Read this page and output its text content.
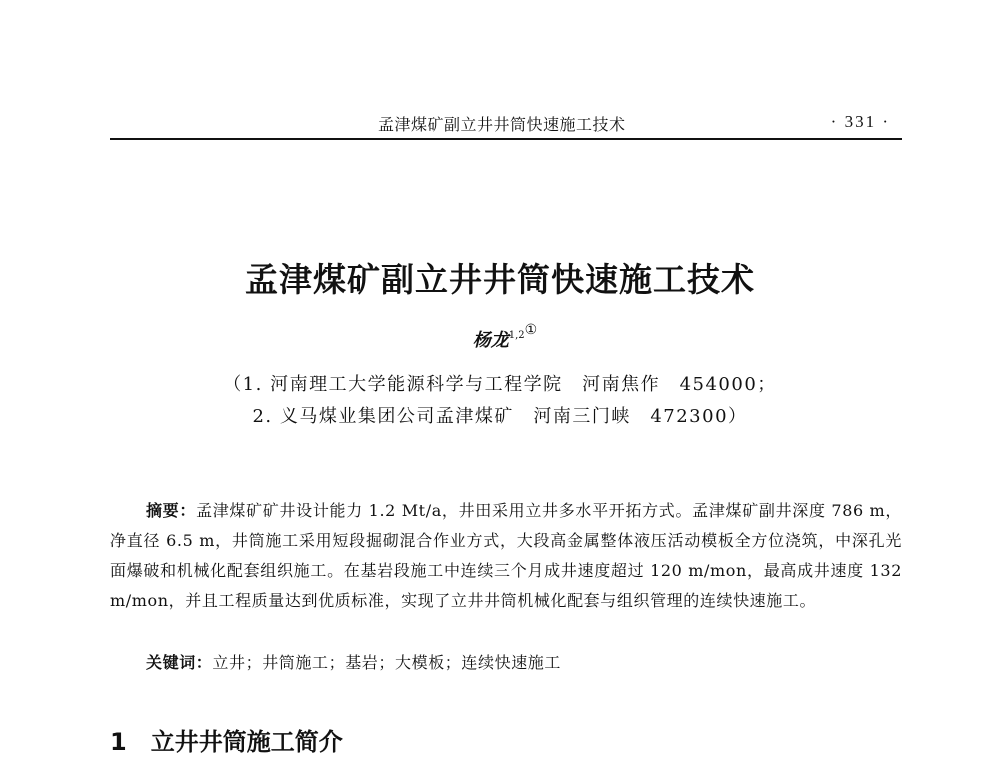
孟津煤矿副立井井筒快速施工技术	· 331 ·
孟津煤矿副立井井筒快速施工技术
杨龙$^{1,2①}$
（1. 河南理工大学能源科学与工程学院　河南焦作　454000；
2. 义马煤业集团公司孟津煤矿　河南三门峡　472300）
摘要：孟津煤矿矿井设计能力 1.2 Mt/a，井田采用立井多水平开拓方式。孟津煤矿副井深度 786 m，净直径 6.5 m，井筒施工采用短段掘砌混合作业方式，大段高金属整体液压活动模板全方位浇筑，中深孔光面爆破和机械化配套组织施工。在基岩段施工中连续三个月成井速度超过 120 m/mon，最高成井速度 132 m/mon，并且工程质量达到优质标准，实现了立井井筒机械化配套与组织管理的连续快速施工。
关键词：立井；井筒施工；基岩；大模板；连续快速施工
1　立井井筒施工简介
